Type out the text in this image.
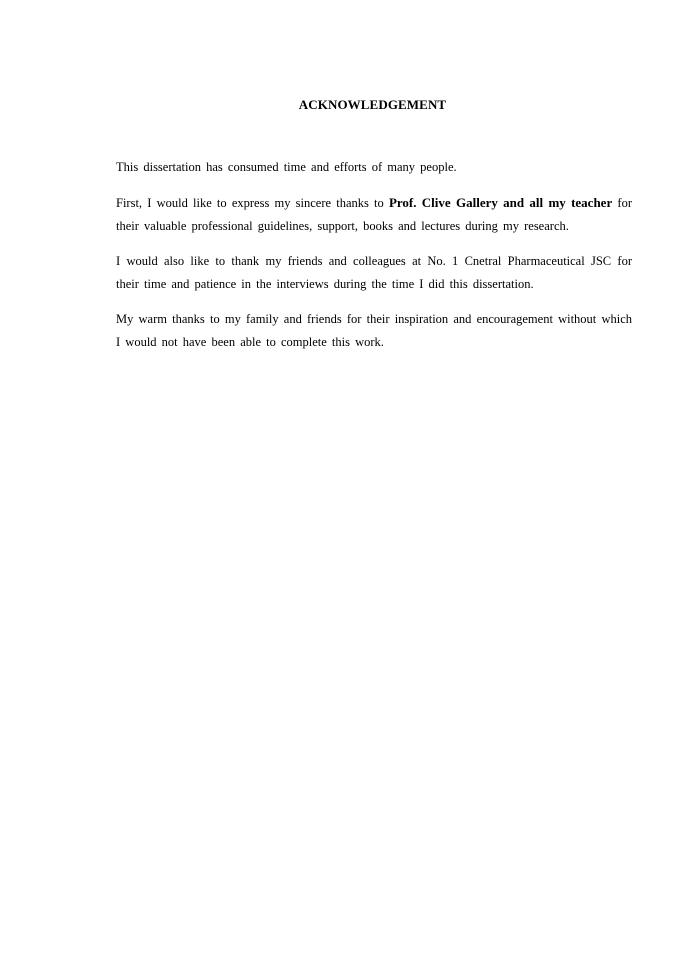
ACKNOWLEDGEMENT

This dissertation has consumed time and efforts of many people.

First, I would like to express my sincere thanks to Prof. Clive Gallery and all my teacher for their valuable professional guidelines, support, books and lectures during my research.

I would also like to thank my friends and colleagues at No. 1 Cnetral Pharmaceutical JSC for their time and patience in the interviews during the time I did this dissertation.

My warm thanks to my family and friends for their inspiration and encouragement without which I would not have been able to complete this work.
